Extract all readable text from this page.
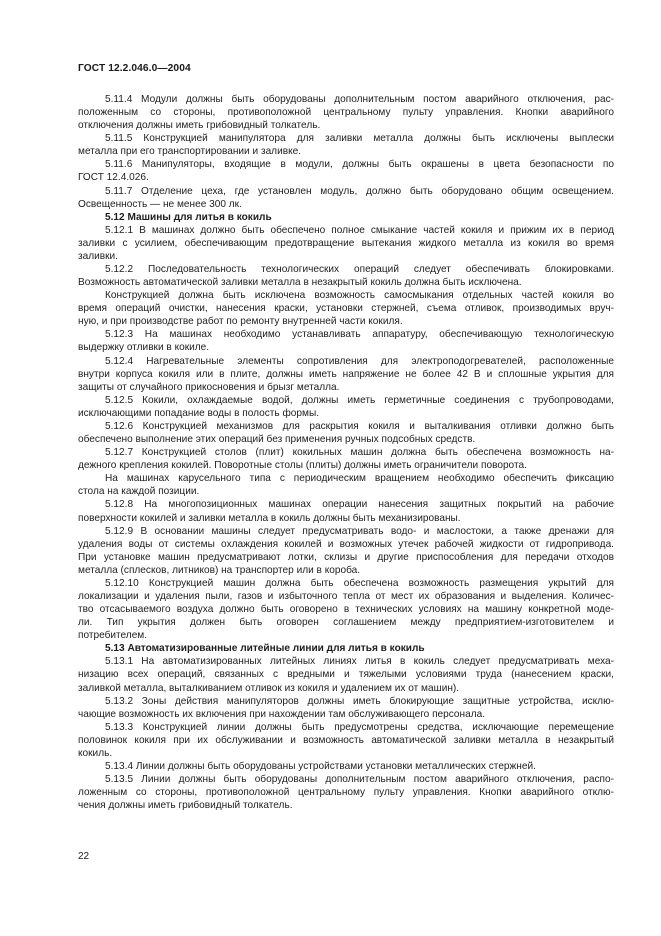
ГОСТ 12.2.046.0—2004
5.11.4 Модули должны быть оборудованы дополнительным постом аварийного отключения, рас-
положенным со стороны, противоположной центральному пульту управления. Кнопки аварийного
отключения должны иметь грибовидный толкатель.
5.11.5 Конструкцией манипулятора для заливки металла должны быть исключены выплески
металла при его транспортировании и заливке.
5.11.6 Манипуляторы, входящие в модули, должны быть окрашены в цвета безопасности по
ГОСТ 12.4.026.
5.11.7 Отделение цеха, где установлен модуль, должно быть оборудовано общим освещением.
Освещенность — не менее 300 лк.
5.12 Машины для литья в кокиль
5.12.1 В машинах должно быть обеспечено полное смыкание частей кокиля и прижим их в период
заливки с усилием, обеспечивающим предотвращение вытекания жидкого металла из кокиля во время
заливки.
5.12.2 Последовательность технологических операций следует обеспечивать блокировками.
Возможность автоматической заливки металла в незакрытый кокиль должна быть исключена.
Конструкцией должна быть исключена возможность самосмыкания отдельных частей кокиля во
время операций очистки, нанесения краски, установки стержней, съема отливок, производимых вруч-
ную, и при производстве работ по ремонту внутренней части кокиля.
5.12.3 На машинах необходимо устанавливать аппаратуру, обеспечивающую технологическую
выдержку отливки в кокиле.
5.12.4 Нагревательные элементы сопротивления для электроподогревателей, расположенные
внутри корпуса кокиля или в плите, должны иметь напряжение не более 42 В и сплошные укрытия для
защиты от случайного прикосновения и брызг металла.
5.12.5 Кокили, охлаждаемые водой, должны иметь герметичные соединения с трубопроводами,
исключающими попадание воды в полость формы.
5.12.6 Конструкцией механизмов для раскрытия кокиля и выталкивания отливки должно быть
обеспечено выполнение этих операций без применения ручных подсобных средств.
5.12.7 Конструкцией столов (плит) кокильных машин должна быть обеспечена возможность на-
дежного крепления кокилей. Поворотные столы (плиты) должны иметь ограничители поворота.
На машинах карусельного типа с периодическим вращением необходимо обеспечить фиксацию
стола на каждой позиции.
5.12.8 На многопозиционных машинах операции нанесения защитных покрытий на рабочие
поверхности кокилей и заливки металла в кокиль должны быть механизированы.
5.12.9 В основании машины следует предусматривать водо- и маслостоки, а также дренажи для
удаления воды от системы охлаждения кокилей и возможных утечек рабочей жидкости от гидропривода.
При установке машин предусматривают лотки, склизы и другие приспособления для передачи отходов
металла (сплесков, литников) на транспортер или в короба.
5.12.10 Конструкцией машин должна быть обеспечена возможность размещения укрытий для
локализации и удаления пыли, газов и избыточного тепла от мест их образования и выделения. Количес-
тво отсасываемого воздуха должно быть оговорено в технических условиях на машину конкретной моде-
ли. Тип укрытия должен быть оговорен соглашением между предприятием-изготовителем и
потребителем.
5.13 Автоматизированные литейные линии для литья в кокиль
5.13.1 На автоматизированных литейных линиях литья в кокиль следует предусматривать меха-
низацию всех операций, связанных с вредными и тяжелыми условиями труда (нанесением краски,
заливкой металла, выталкиванием отливок из кокиля и удалением их от машин).
5.13.2 Зоны действия манипуляторов должны иметь блокирующие защитные устройства, исклю-
чающие возможность их включения при нахождении там обслуживающего персонала.
5.13.3 Конструкцией линии должны быть предусмотрены средства, исключающие перемещение
половинок кокиля при их обслуживании и возможность автоматической заливки металла в незакрытый
кокиль.
5.13.4 Линии должны быть оборудованы устройствами установки металлических стержней.
5.13.5 Линии должны быть оборудованы дополнительным постом аварийного отключения, распо-
ложенным со стороны, противоположной центральному пульту управления. Кнопки аварийного отклю-
чения должны иметь грибовидный толкатель.
22
